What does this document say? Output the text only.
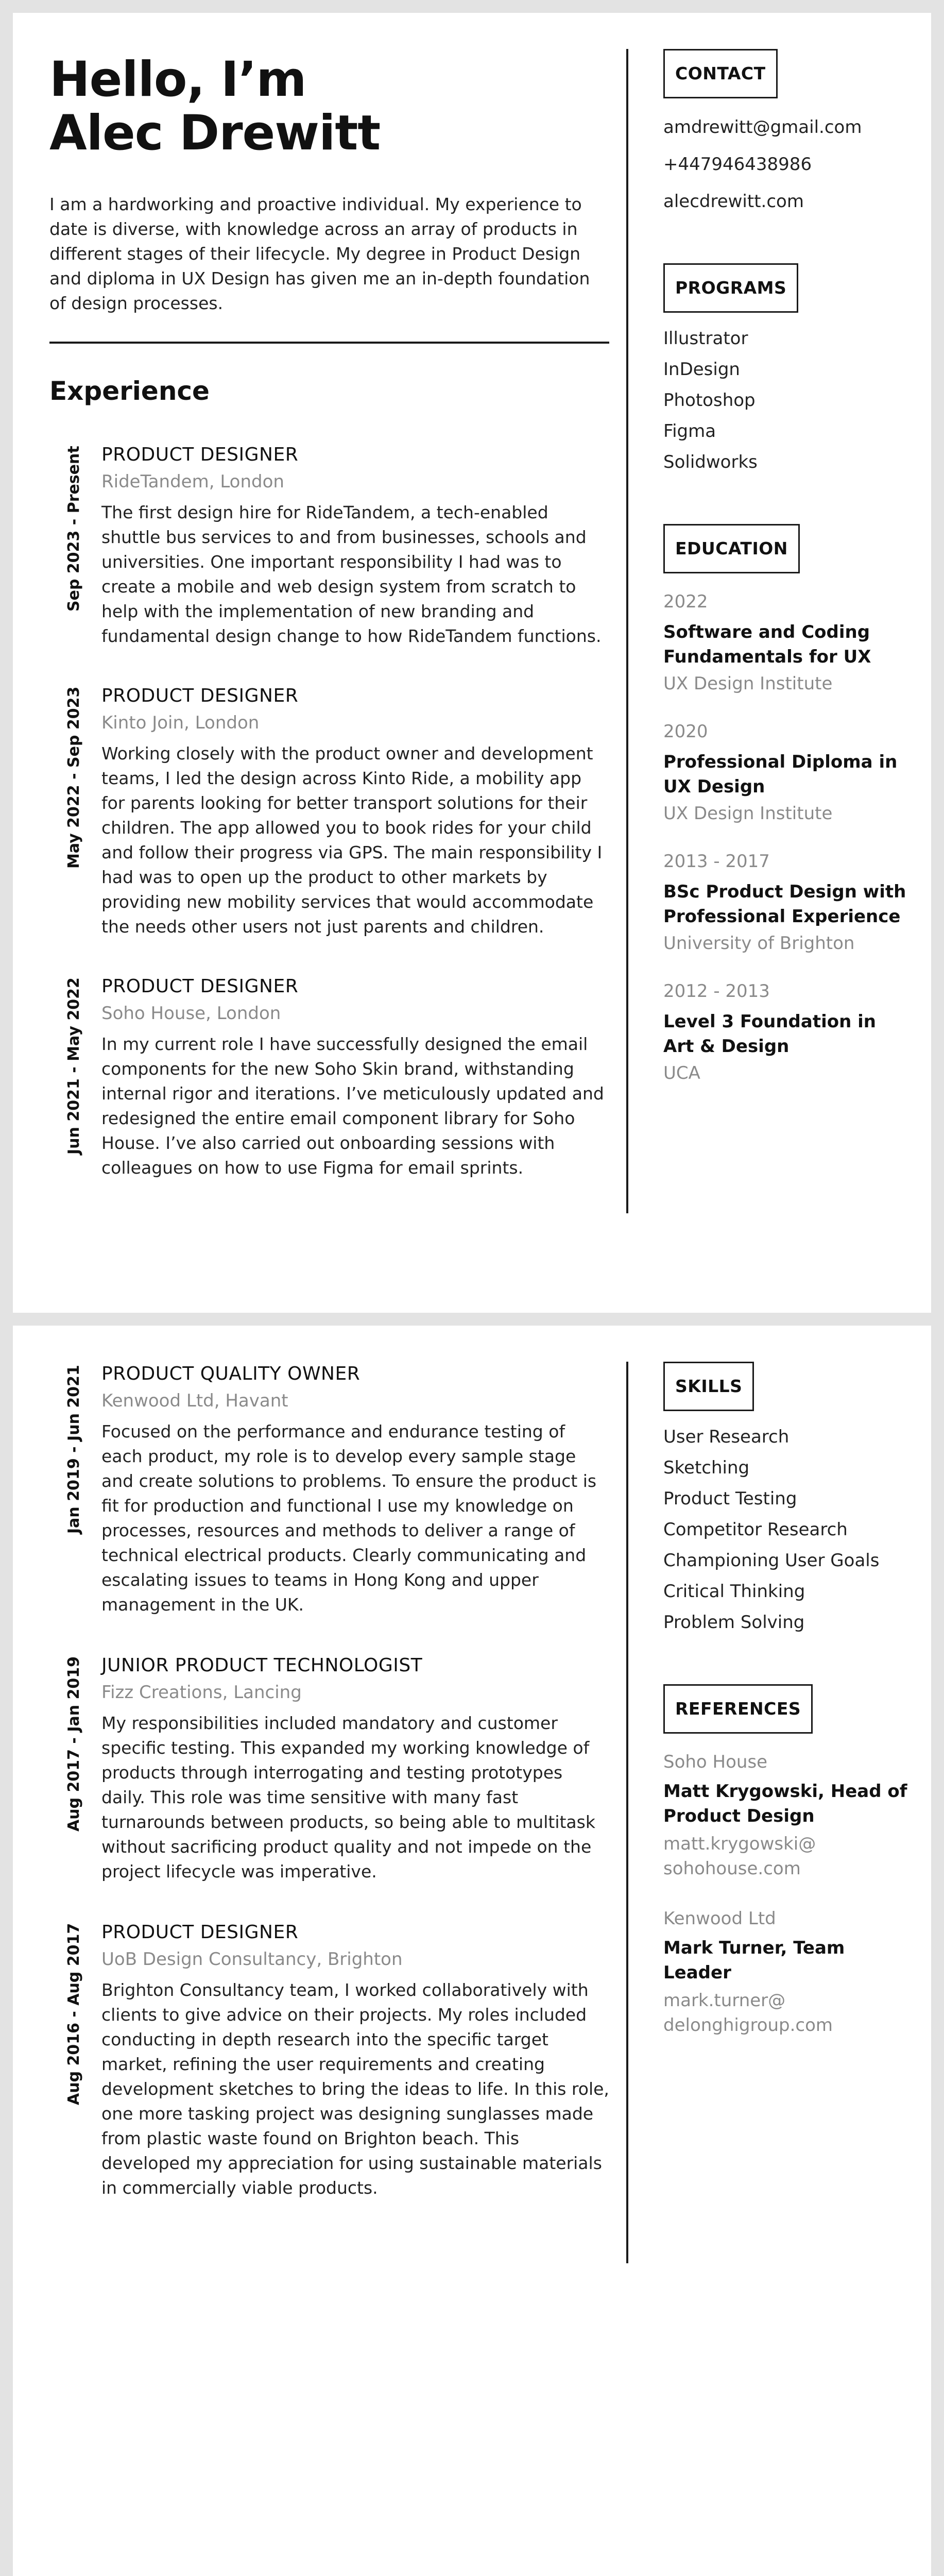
Hello, I’m
Alec Drewitt
I am a hardworking and proactive individual. My experience to date is diverse, with knowledge across an array of products in different stages of their lifecycle. My degree in Product Design and diploma in UX Design has given me an in-depth foundation of design processes.
Experience
Sep 2023 - Present PRODUCT DESIGNER
RideTandem, London
The first design hire for RideTandem, a tech-enabled shuttle bus services to and from businesses, schools and universities. One important responsibility I had was to create a mobile and web design system from scratch to help with the implementation of new branding and fundamental design change to how RideTandem functions.
May 2022 - Sep 2023 PRODUCT DESIGNER
Kinto Join, London
Working closely with the product owner and development teams, I led the design across Kinto Ride, a mobility app for parents looking for better transport solutions for their children. The app allowed you to book rides for your child and follow their progress via GPS. The main responsibility I had was to open up the product to other markets by providing new mobility services that would accommodate the needs other users not just parents and children.
Jun 2021 - May 2022 PRODUCT DESIGNER
Soho House, London
In my current role I have successfully designed the email components for the new Soho Skin brand, withstanding internal rigor and iterations. I’ve meticulously updated and redesigned the entire email component library for Soho House. I’ve also carried out onboarding sessions with colleagues on how to use Figma for email sprints.
CONTACT
amdrewitt@gmail.com
+447946438986
alecdrewitt.com
PROGRAMS
Illustrator
InDesign
Photoshop
Figma
Solidworks
EDUCATION
2022
Software and Coding Fundamentals for UX
UX Design Institute
2020
Professional Diploma in UX Design
UX Design Institute
2013 - 2017
BSc Product Design with Professional Experience
University of Brighton
2012 - 2013
Level 3 Foundation in Art & Design
UCA
Jan 2019 - Jun 2021 PRODUCT QUALITY OWNER
Kenwood Ltd, Havant
Focused on the performance and endurance testing of each product, my role is to develop every sample stage and create solutions to problems. To ensure the product is fit for production and functional I use my knowledge on processes, resources and methods to deliver a range of technical electrical products. Clearly communicating and escalating issues to teams in Hong Kong and upper management in the UK.
Aug 2017 - Jan 2019 JUNIOR PRODUCT TECHNOLOGIST
Fizz Creations, Lancing
My responsibilities included mandatory and customer specific testing. This expanded my working knowledge of products through interrogating and testing prototypes daily. This role was time sensitive with many fast turnarounds between products, so being able to multitask without sacrificing product quality and not impede on the project lifecycle was imperative.
Aug 2016 - Aug 2017 PRODUCT DESIGNER
UoB Design Consultancy, Brighton
Brighton Consultancy team, I worked collaboratively with clients to give advice on their projects. My roles included conducting in depth research into the specific target market, refining the user requirements and creating development sketches to bring the ideas to life. In this role, one more tasking project was designing sunglasses made from plastic waste found on Brighton beach. This developed my appreciation for using sustainable materials in commercially viable products.
SKILLS
User Research
Sketching
Product Testing
Competitor Research
Championing User Goals
Critical Thinking
Problem Solving
REFERENCES
Soho House
Matt Krygowski, Head of Product Design
matt.krygowski@
sohohouse.com
Kenwood Ltd
Mark Turner, Team Leader
mark.turner@
delonghigroup.com
